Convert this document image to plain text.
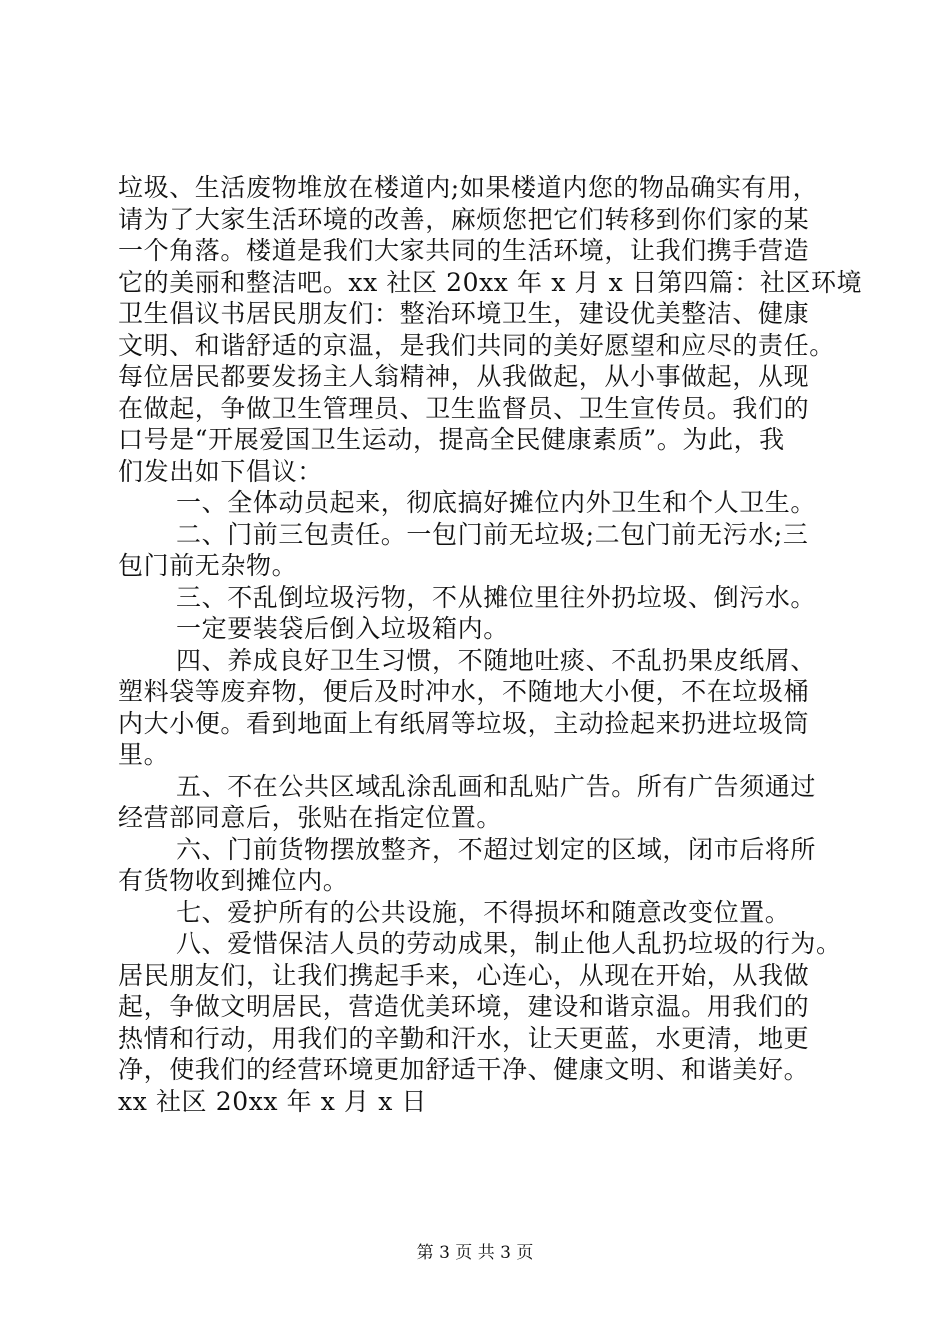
垃圾、生活废物堆放在楼道内;如果楼道内您的物品确实有用，
请为了大家生活环境的改善，麻烦您把它们转移到你们家的某
一个角落。楼道是我们大家共同的生活环境，让我们携手营造
它的美丽和整洁吧。xx 社区 20xx 年 x 月 x 日第四篇：社区环境
卫生倡议书居民朋友们：整治环境卫生，建设优美整洁、健康
文明、和谐舒适的京温，是我们共同的美好愿望和应尽的责任。
每位居民都要发扬主人翁精神，从我做起，从小事做起，从现
在做起，争做卫生管理员、卫生监督员、卫生宣传员。我们的
口号是“开展爱国卫生运动，提高全民健康素质”。为此，我
们发出如下倡议：
一、全体动员起来，彻底搞好摊位内外卫生和个人卫生。
二、门前三包责任。一包门前无垃圾;二包门前无污水;三
包门前无杂物。
三、不乱倒垃圾污物，不从摊位里往外扔垃圾、倒污水。
一定要装袋后倒入垃圾箱内。
四、养成良好卫生习惯，不随地吐痰、不乱扔果皮纸屑、
塑料袋等废弃物，便后及时冲水，不随地大小便，不在垃圾桶
内大小便。看到地面上有纸屑等垃圾，主动捡起来扔进垃圾筒
里。
五、不在公共区域乱涂乱画和乱贴广告。所有广告须通过
经营部同意后，张贴在指定位置。
六、门前货物摆放整齐，不超过划定的区域，闭市后将所
有货物收到摊位内。
七、爱护所有的公共设施，不得损坏和随意改变位置。
八、爱惜保洁人员的劳动成果，制止他人乱扔垃圾的行为。
居民朋友们，让我们携起手来，心连心，从现在开始，从我做
起，争做文明居民，营造优美环境，建设和谐京温。用我们的
热情和行动，用我们的辛勤和汗水，让天更蓝，水更清，地更
净，使我们的经营环境更加舒适干净、健康文明、和谐美好。
xx 社区 20xx 年 x 月 x 日
第 3 页 共 3 页
